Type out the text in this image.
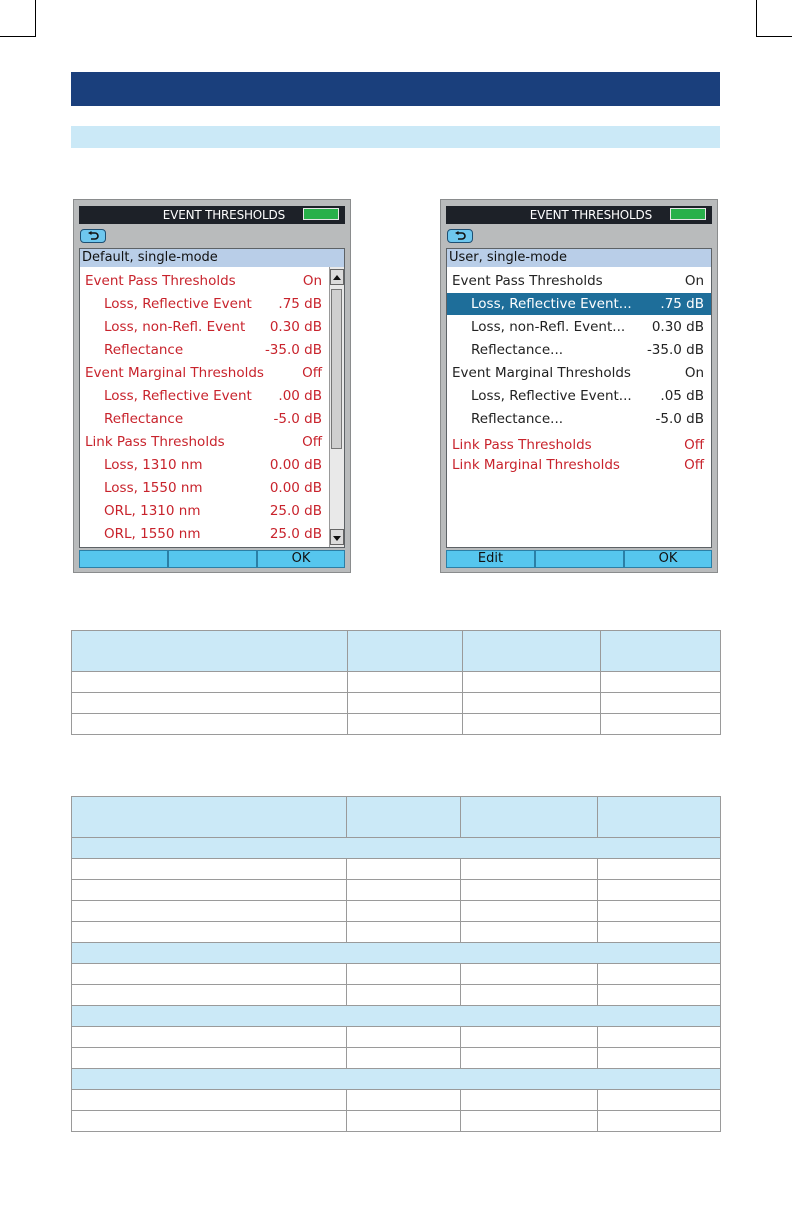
EVENT THRESHOLDS
Default, single-mode
Event Pass Thresholds	On
Loss, Reflective Event .75 dB
Loss, non-Refl. Event 0.30 dB
Reflectance	-35.0 dB
Event Marginal Thresholds	Off
Loss, Reflective Event .00 dB
Reflectance	-5.0 dB
Link Pass Thresholds	Off
Loss, 1310 nm	0.00 dB
Loss, 1550 nm	0.00 dB
ORL, 1310 nm	25.0 dB
ORL, 1550 nm	25.0 dB
OK
EVENT THRESHOLDS
User, single-mode
Event Pass Thresholds	On
Loss, Reflective Event... .75 dB
Loss, non-Refl. Event... 0.30 dB
Reflectance...	-35.0 dB
Event Marginal Thresholds	On
Loss, Reflective Event... .05 dB
Reflectance...	-5.0 dB
Link Pass Thresholds	Off
Link Marginal Thresholds	Off
Edit	OK
